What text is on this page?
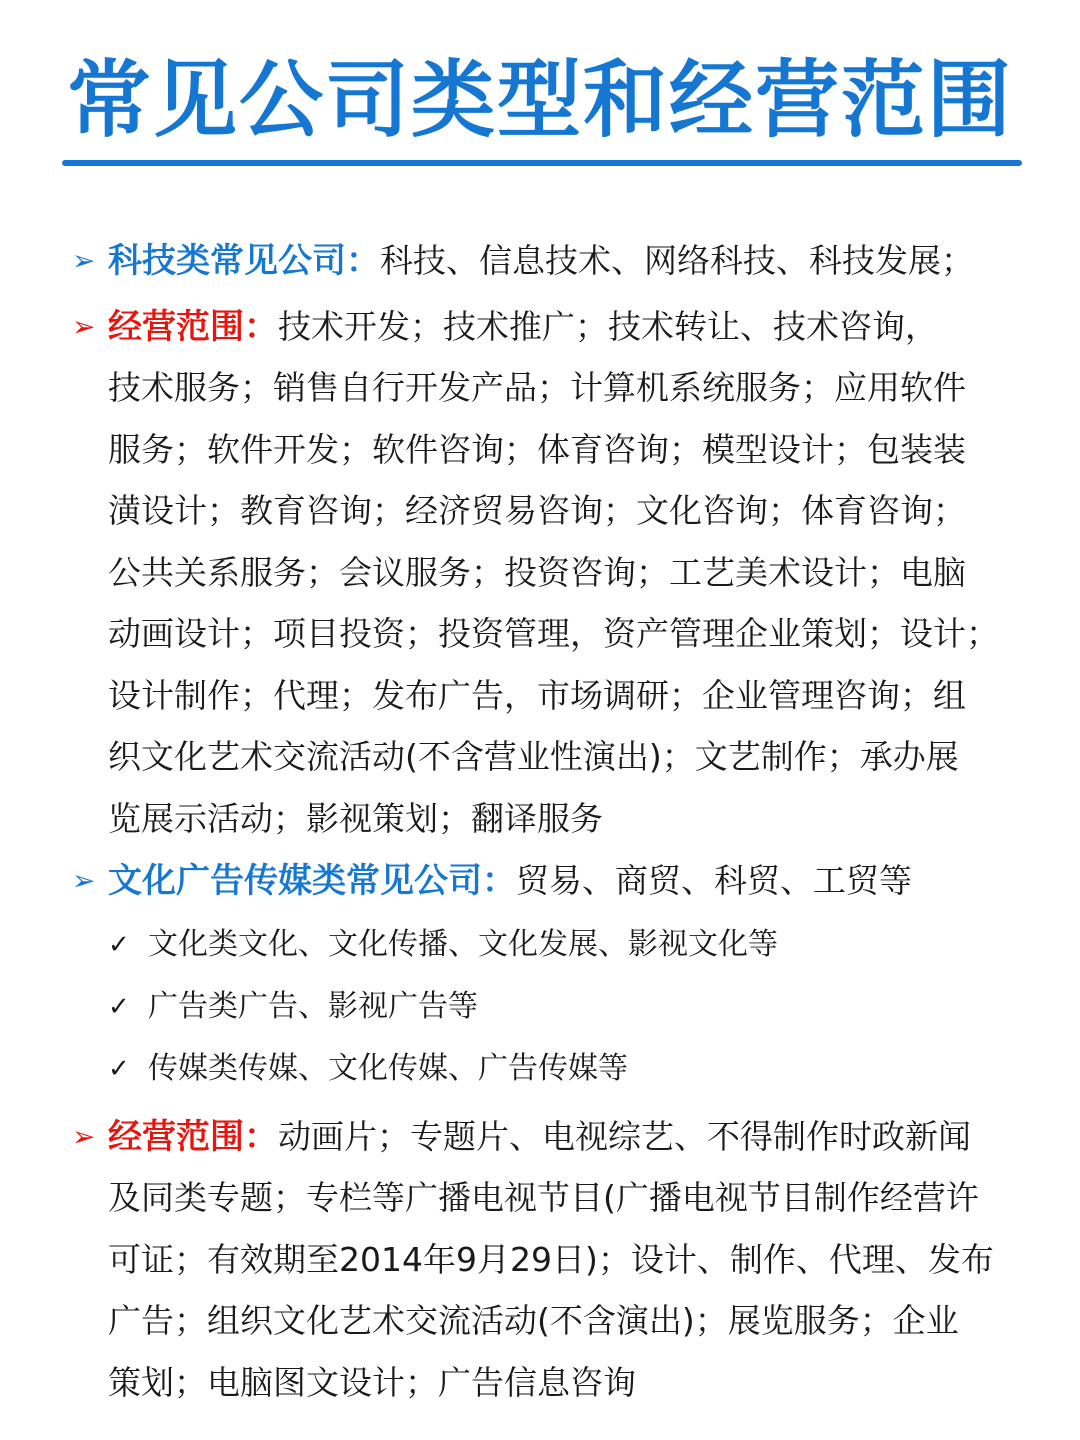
常见公司类型和经营范围
➢ 科技类常见公司：科技、信息技术、网络科技、科技发展；
➢ 经营范围：技术开发；技术推广；技术转让、技术咨询，
技术服务；销售自行开发产品；计算机系统服务；应用软件
服务；软件开发；软件咨询；体育咨询；模型设计；包装装
潢设计；教育咨询；经济贸易咨询；文化咨询；体育咨询；
公共关系服务；会议服务；投资咨询；工艺美术设计；电脑
动画设计；项目投资；投资管理，资产管理企业策划；设计；
设计制作；代理；发布广告，市场调研；企业管理咨询；组
织文化艺术交流活动(不含营业性演出)；文艺制作；承办展
览展示活动；影视策划；翻译服务
➢ 文化广告传媒类常见公司：贸易、商贸、科贸、工贸等
✓ 文化类文化、文化传播、文化发展、影视文化等
✓ 广告类广告、影视广告等
✓ 传媒类传媒、文化传媒、广告传媒等
➢ 经营范围：动画片；专题片、电视综艺、不得制作时政新闻
及同类专题；专栏等广播电视节目(广播电视节目制作经营许
可证；有效期至2014年9月29日)；设计、制作、代理、发布
广告；组织文化艺术交流活动(不含演出)；展览服务；企业
策划；电脑图文设计；广告信息咨询
